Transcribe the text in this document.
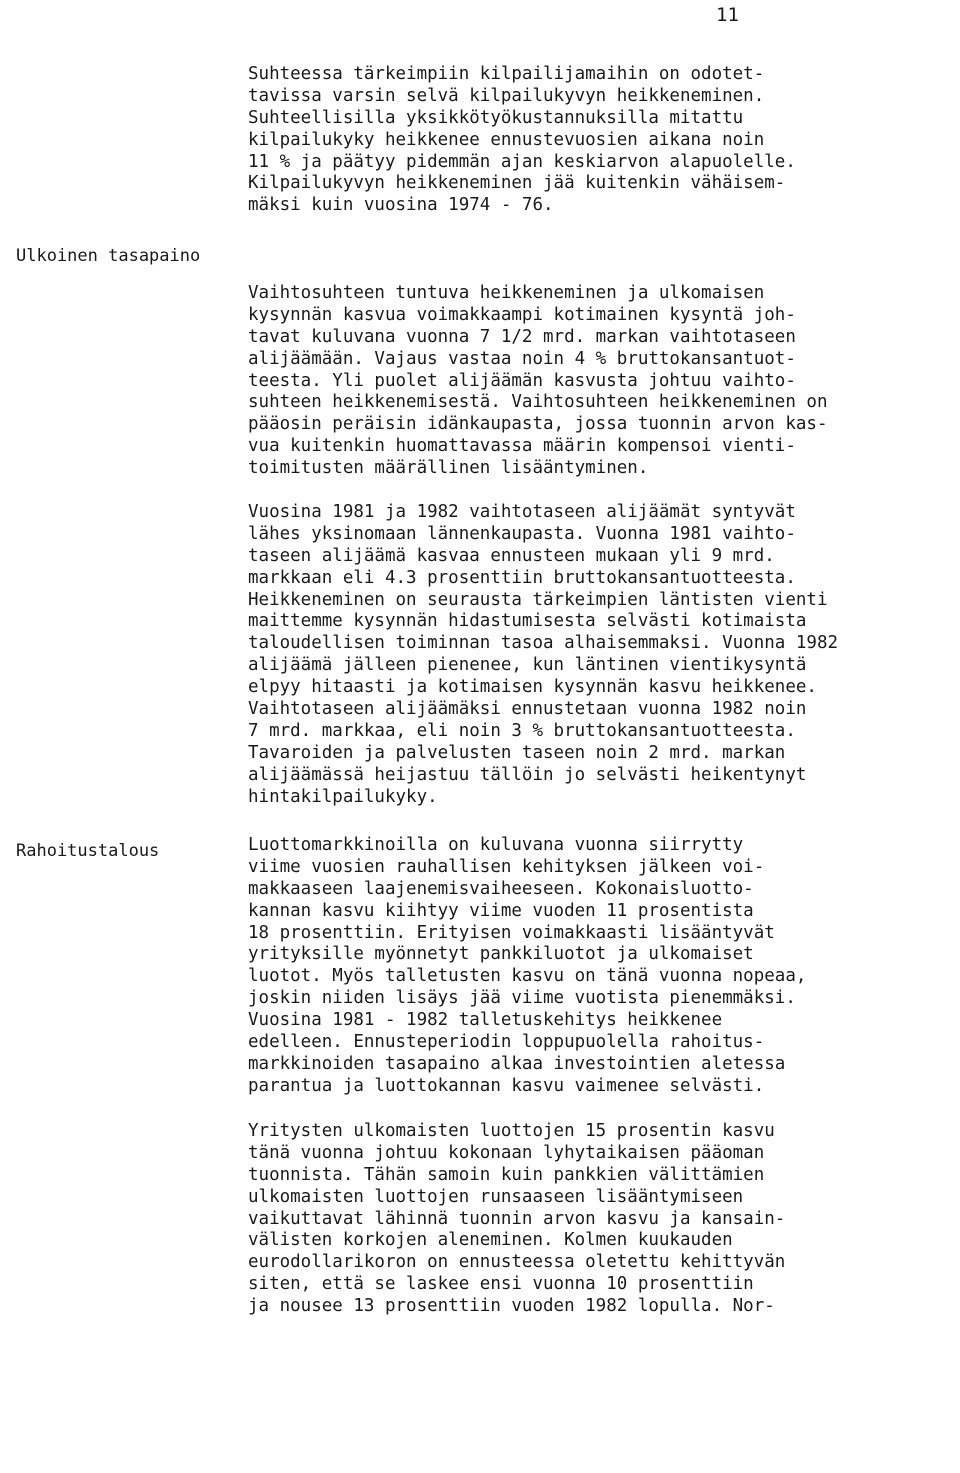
11
Ulkoinen tasapaino
Rahoitustalous
Suhteessa tärkeimpiin kilpailijamaihin on odotet-
tavissa varsin selvä kilpailukyvyn heikkeneminen.
Suhteellisilla yksikkötyökustannuksilla mitattu
kilpailukyky heikkenee ennustevuosien aikana noin
11 % ja päätyy pidemmän ajan keskiarvon alapuolelle.
Kilpailukyvyn heikkeneminen jää kuitenkin vähäisem-
mäksi kuin vuosina 1974 - 76.
Vaihtosuhteen tuntuva heikkeneminen ja ulkomaisen
kysynnän kasvua voimakkaampi kotimainen kysyntä joh-
tavat kuluvana vuonna 7 1/2 mrd. markan vaihtotaseen
alijäämään. Vajaus vastaa noin 4 % bruttokansantuot-
teesta. Yli puolet alijäämän kasvusta johtuu vaihto-
suhteen heikkenemisestä. Vaihtosuhteen heikkeneminen on
pääosin peräisin idänkaupasta, jossa tuonnin arvon kas-
vua kuitenkin huomattavassa määrin kompensoi vienti-
toimitusten määrällinen lisääntyminen.
Vuosina 1981 ja 1982 vaihtotaseen alijäämät syntyvät
lähes yksinomaan lännenkaupasta. Vuonna 1981 vaihto-
taseen alijäämä kasvaa ennusteen mukaan yli 9 mrd.
markkaan eli 4.3 prosenttiin bruttokansantuotteesta.
Heikkeneminen on seurausta tärkeimpien läntisten vienti
maittemme kysynnän hidastumisesta selvästi kotimaista
taloudellisen toiminnan tasoa alhaisemmaksi. Vuonna 1982
alijäämä jälleen pienenee, kun läntinen vientikysyntä
elpyy hitaasti ja kotimaisen kysynnän kasvu heikkenee.
Vaihtotaseen alijäämäksi ennustetaan vuonna 1982 noin
7 mrd. markkaa, eli noin 3 % bruttokansantuotteesta.
Tavaroiden ja palvelusten taseen noin 2 mrd. markan
alijäämässä heijastuu tällöin jo selvästi heikentynyt
hintakilpailukyky.
Luottomarkkinoilla on kuluvana vuonna siirrytty
viime vuosien rauhallisen kehityksen jälkeen voi-
makkaaseen laajenemisvaiheeseen. Kokonaisluotto-
kannan kasvu kiihtyy viime vuoden 11 prosentista
18 prosenttiin. Erityisen voimakkaasti lisääntyvät
yrityksille myönnetyt pankkiluotot ja ulkomaiset
luotot. Myös talletusten kasvu on tänä vuonna nopeaa,
joskin niiden lisäys jää viime vuotista pienemmäksi.
Vuosina 1981 - 1982 talletuskehitys heikkenee
edelleen. Ennusteperiodin loppupuolella rahoitus-
markkinoiden tasapaino alkaa investointien aletessa
parantua ja luottokannan kasvu vaimenee selvästi.
Yritysten ulkomaisten luottojen 15 prosentin kasvu
tänä vuonna johtuu kokonaan lyhytaikaisen pääoman
tuonnista. Tähän samoin kuin pankkien välittämien
ulkomaisten luottojen runsaaseen lisääntymiseen
vaikuttavat lähinnä tuonnin arvon kasvu ja kansain-
välisten korkojen aleneminen. Kolmen kuukauden
eurodollarikoron on ennusteessa oletettu kehittyvän
siten, että se laskee ensi vuonna 10 prosenttiin
ja nousee 13 prosenttiin vuoden 1982 lopulla. Nor-
